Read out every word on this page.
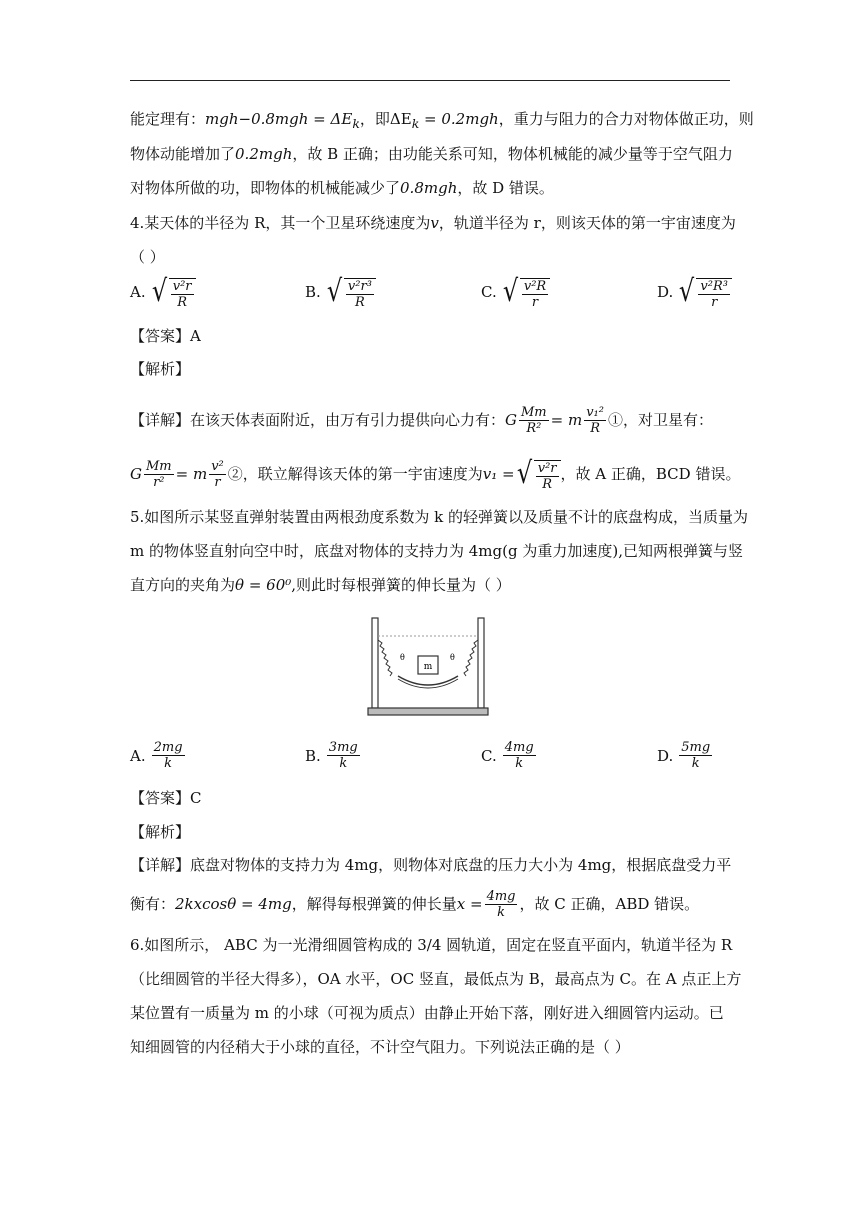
能定理有：$mgh-0.8mgh = \Delta E_k$，即$\Delta E_k = 0.2mgh$，重力与阻力的合力对物体做正功，则
物体动能增加了0.2mgh，故 B 正确；由功能关系可知，物体机械能的减少量等于空气阻力
对物体所做的功，即物体的机械能减少了0.8mgh，故 D 错误。
4.某天体的半径为 R，其一个卫星环绕速度为v，轨道半径为 r，则该天体的第一宇宙速度为
（ ）
A. √ $\frac{\text{v²r}}{R}$	B. √ $\frac{\text{v²r³}}{R}$	C. √ $\frac{\text{v²R}}{r}$	D. √ $\frac{\text{v²R³}}{r}$
【答案】A
【解析】
【详解】在该天体表面附近，由万有引力提供向心力有： G $\frac{Mm}{\text{R²}} = m \frac{\text{v₁²}}{R}$ ①，对卫星有：
G $\frac{Mm}{\text{r²}} = m \frac{\text{v²}}{r}$ ②，联立解得该天体的第一宇宙速度为 v₁ = √ $\frac{\text{v²r}}{R}$ ，故 A 正确，BCD 错误。
5.如图所示某竖直弹射装置由两根劲度系数为 k 的轻弹簧以及质量不计的底盘构成，当质量为
m 的物体竖直射向空中时，底盘对物体的支持力为 4mg(g 为重力加速度),已知两根弹簧与竖
直方向的夹角为θ = 60⁰,则此时每根弹簧的伸长量为（ ）
m
θ	θ
A. $\frac{2mg}{k}$	B. $\frac{3mg}{k}$	C. $\frac{4mg}{k}$	D. $\frac{5mg}{k}$
【答案】C
【解析】
【详解】底盘对物体的支持力为 4mg，则物体对底盘的压力大小为 4mg，根据底盘受力平
衡有： 2kxcosθ = 4mg ，解得每根弹簧的伸长量 $x = \frac{4mg}{k}$ ，故 C 正确，ABD 错误。
6.如图所示， ABC 为一光滑细圆管构成的 3/4 圆轨道，固定在竖直平面内，轨道半径为 R
（比细圆管的半径大得多），OA 水平，OC 竖直，最低点为 B，最高点为 C。在 A 点正上方
某位置有一质量为 m 的小球（可视为质点）由静止开始下落，刚好进入细圆管内运动。已
知细圆管的内径稍大于小球的直径，不计空气阻力。下列说法正确的是（ ）
